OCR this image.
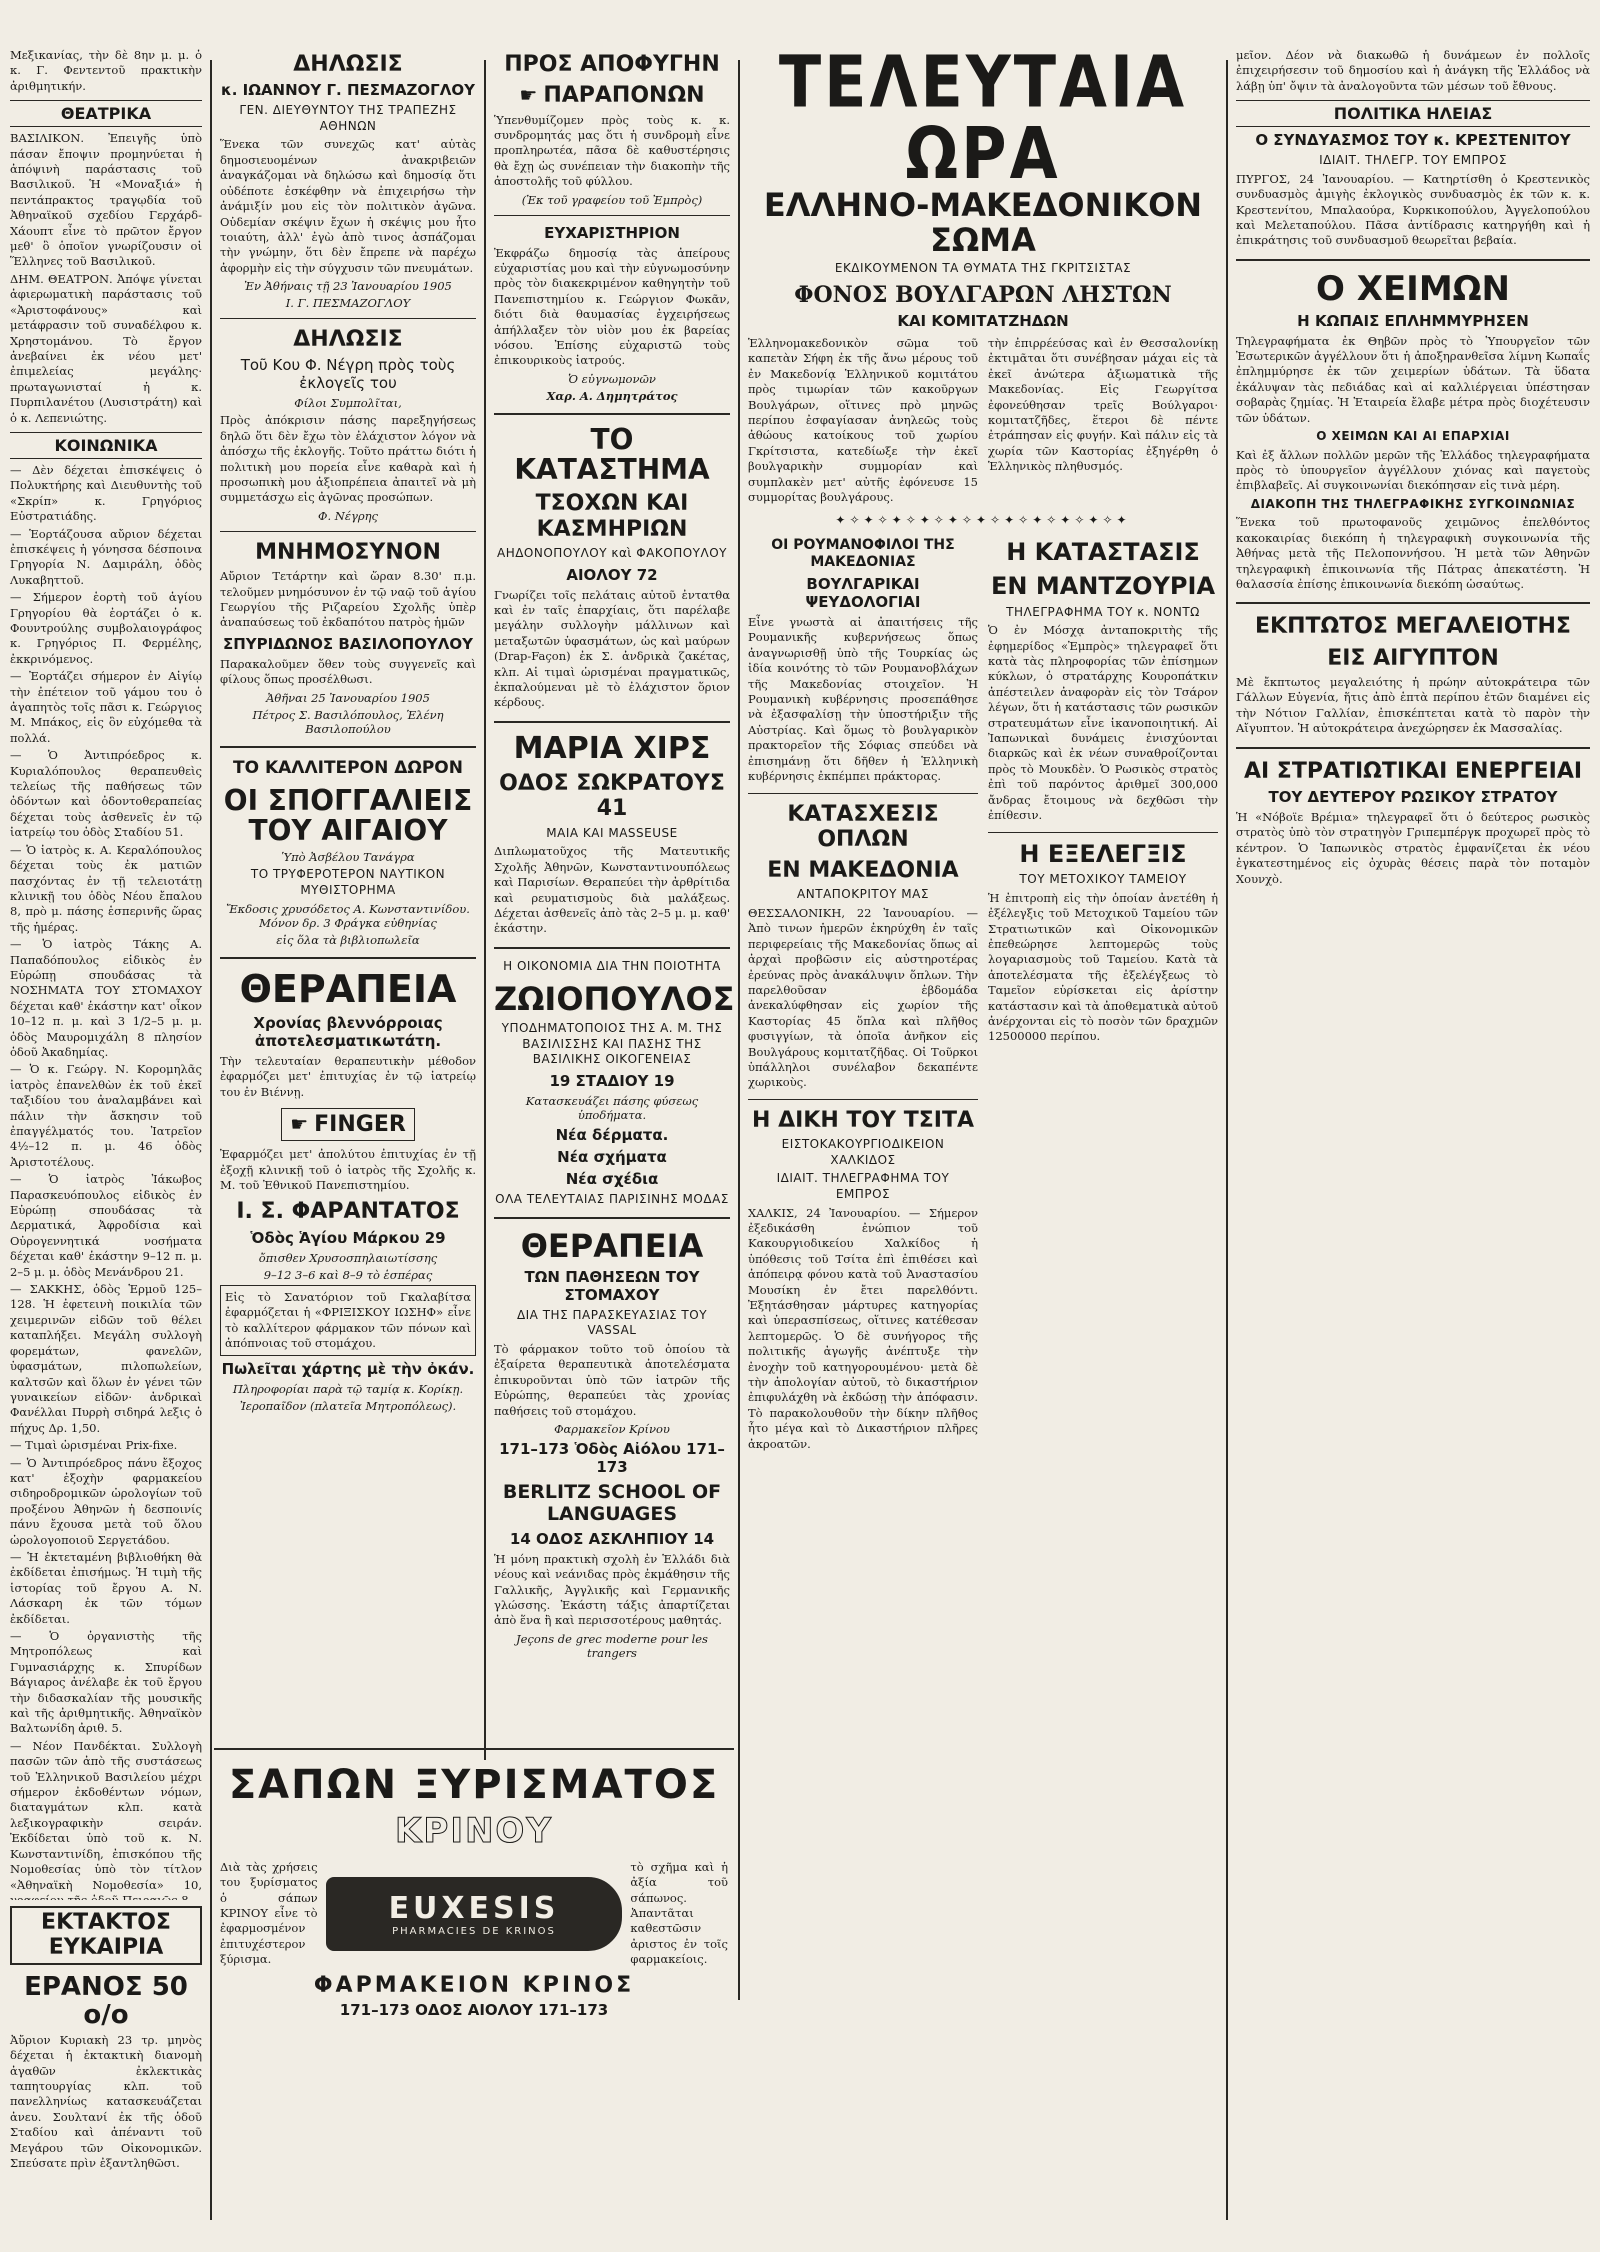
Μεξικανίας, τὴν δὲ 8ην μ. μ. ὁ κ. Γ. Φεντεντοῦ πρακτικὴν ἀριθμητικήν.

ΘΕΑΤΡΙΚΑ

ΒΑΣΙΛΙΚΟΝ. Ἐπειγῆς ὑπὸ πάσαν ἔποψιν προμηνύεται ἡ ἀπόψινὴ παράστασις τοῦ Βασιλικοῦ. Ἡ «Μοναξιά» ἡ πεντάπρακτος τραγῳδία τοῦ Ἀθηναϊκοῦ σχεδίου Γερχάρδ-Χάουπτ εἶνε τὸ πρῶτον ἔργον μεθ' ὃ ὁποῖον γνωρίζουσιν οἱ Ἕλληνες τοῦ Βασιλικοῦ.

ΔΗΜ. ΘΕΑΤΡΟΝ. Ἀπόψε γίνεται ἀφιερωματικὴ παράστασις τοῦ «Ἀριστοφάνους» καὶ μετάφρασιν τοῦ συναδέλφου κ. Χρηστομάνου. Τὸ ἔργον ἀνεβαίνει ἐκ νέου μετ' ἐπιμελείας μεγάλης· πρωταγωνισταί ἡ κ. Πυρπιλανέτου (Λυσιστράτη) καὶ ὁ κ. Λεπενιώτης.

ΚΟΙΝΩΝΙΚΑ

— Δὲν δέχεται ἐπισκέψεις ὁ Πολυκτήρης καὶ Διευθυντὴς τοῦ «Σκρίπ» κ. Γρηγόριος Εὐστρατιάδης.

— Ἑορτάζουσα αὔριον δέχεται ἐπισκέψεις ἡ γόνησσα δέσποινα Γρηγορία Ν. Δαμιράλη, ὁδὸς Λυκαβηττοῦ.

— Σήμερον ἑορτὴ τοῦ ἁγίου Γρηγορίου θὰ ἐορτάζει ὁ κ. Φουντρούλης συμβολαιογράφος κ. Γρηγόριος Π. Φερμέλης, ἐκκρινόμενος.

— Ἐορτάζει σήμερον ἐν Αἰγίῳ τὴν ἐπέτειον τοῦ γάμου του ὁ ἀγαπητὸς τοῖς πᾶσι κ. Γεώργιος Μ. Μπάκος, εἰς ὃν εὐχόμεθα τὰ πολλά.

— Ὁ Ἀντιπρόεδρος κ. Κυριαλόπουλος θεραπευθεὶς τελείως τῆς παθήσεως τῶν ὀδόντων καὶ ὀδοντοθεραπείας δέχεται τοὺς ἀσθενεῖς ἐν τῷ ἰατρείῳ του ὁδὸς Σταδίου 51.

— Ὁ ἰατρὸς κ. Α. Κεραλόπουλος δέχεται τοὺς ἐκ ματιῶν πασχόντας ἐν τῇ τελειοτάτῃ κλινικῇ του ὁδὸς Νέου ἔπαλου 8, πρὸ μ. πάσης ἑσπερινῆς ὥρας τῆς ἡμέρας.

— Ὁ ἰατρὸς Τάκης Α. Παπαδόπουλος εἰδικὸς ἐν Εὐρώπῃ σπουδάσας τὰ ΝΟΣΗΜΑΤΑ ΤΟΥ ΣΤΟΜΑΧΟΥ δέχεται καθ' ἑκάστην κατ' οἶκον 10–12 π. μ. καὶ 3 1/2–5 μ. μ. ὁδὸς Μαυρομιχάλη 8 πλησίον ὁδοῦ Ἀκαδημίας.

— Ὁ κ. Γεώργ. Ν. Κορομηλᾶς ἰατρὸς ἐπανελθὼν ἐκ τοῦ ἐκεῖ ταξιδίου του ἀναλαμβάνει καὶ πάλιν τὴν ἄσκησιν τοῦ ἐπαγγέλματός του. Ἰατρεῖον 4½–12 π. μ. 46 ὁδὸς Ἀριστοτέλους.

— Ὁ ἰατρὸς Ἰάκωβος Παρασκευόπουλος εἰδικὸς ἐν Εὐρώπῃ σπουδάσας τὰ Δερματικά, Ἀφροδίσια καὶ Οὐρογεννητικά νοσήματα δέχεται καθ' ἑκάστην 9–12 π. μ. 2–5 μ. μ. ὁδὸς Μενάνδρου 21.

— ΣΑΚΚΗΣ, ὁδὸς Ἑρμοῦ 125–128. Ἡ ἐφετεινὴ ποικιλία τῶν χειμερινῶν εἰδῶν τοῦ θέλει καταπλήξει. Μεγάλη συλλογὴ φορεμάτων, φανελῶν, ὑφασμάτων, πιλοπωλείων, καλτσῶν καὶ ὅλων ἐν γένει τῶν γυναικείων εἰδῶν· ἀνδρικαὶ Φανέλλαι Πυρρὴ σιδηρά λεξις ὁ πήχυς Δρ. 1,50.

— Τιμαὶ ὡρισμέναι Prix-fixe.

— Ὁ Ἀντιπρόεδρος πάνυ ἔξοχος κατ' ἐξοχὴν φαρμακείου σιδηροδρομικῶν ὡρολογίων τοῦ προξένου Ἀθηνῶν ἡ δεσποινίς πάνυ ἔχουσα μετὰ τοῦ ὅλου ὡρολογοποιοῦ Σεργετάδου.

— Ἡ ἐκτεταμένη βιβλιοθήκη θὰ ἐκδίδεται ἐπισήμως. Ἡ τιμὴ τῆς ἱστορίας τοῦ ἔργου Α. Ν. Λάσκαρη ἐκ τῶν τόμων ἐκδίδεται.

— Ὁ ὀργανιστὴς τῆς Μητροπόλεως καὶ Γυμνασιάρχης κ. Σπυρίδων Βάγιαρος ἀνέλαβε ἐκ τοῦ ἔργου τὴν διδασκαλίαν τῆς μουσικῆς καὶ τῆς ἀριθμητικῆς. Ἀθηναϊκὸν Βαλτωνίδη ἀριθ. 5.

— Νέον Πανδέκται. Συλλογὴ πασῶν τῶν ἀπὸ τῆς συστάσεως τοῦ Ἑλληνικοῦ Βασιλείου μέχρι σήμερον ἐκδοθέντων νόμων, διαταγμάτων κλπ. κατὰ λεξικογραφικὴν σειράν. Ἐκδίδεται ὑπὸ τοῦ κ. Ν. Κωνσταντινίδη, ἐπισκόπου τῆς Νομοθεσίας ὑπὸ τὸν τίτλον «Ἀθηναϊκὴ Νομοθεσία» 10,

ΕΚΤΑΚΤΟΣ ΕΥΚΑΙΡΙΑ
ΕΡΑΝΟΣ 50 ο/ο

Ἀὔριον Κυριακὴ 23 τρ. μηνὸς δέχεται ἡ ἐκτακτικὴ διανομὴ ἀγαθῶν ἐκλεκτικὰς ταπητουργίας κλπ. τοῦ πανελληνίως κατασκευάζεται ἀνευ. Σουλτανί ἐκ τῆς ὁδοῦ Σταδίου καὶ ἀπέναντι τοῦ Μεγάρου τῶν Οἰκονομικῶν. Σπεύσατε πρὶν ἐξαντληθῶσι.

ΔΗΛΩΣΙΣ
κ. ΙΩΑΝΝΟΥ Γ. ΠΕΣΜΑΖΟΓΛΟΥ
ΓΕΝ. ΔΙΕΥΘΥΝΤΟΥ ΤΗΣ ΤΡΑΠΕΖΗΣ ΑΘΗΝΩΝ

Ἕνεκα τῶν συνεχῶς κατ' αὐτὰς δημοσιευομένων ἀνακριβειῶν ἀναγκάζομαι νὰ δηλώσω καὶ δημοσίᾳ ὅτι οὐδέποτε ἐσκέφθην νὰ ἐπιχειρήσω τὴν ἀνάμιξίν μου εἰς τὸν πολιτικὸν ἀγῶνα. Οὐδεμίαν σκέψιν ἔχων ἡ σκέψις μου ἦτο τοιαύτη, ἀλλ' ἐγὼ ἀπὸ τινος ἀσπάζομαι τὴν γνώμην, ὅτι δὲν ἔπρεπε νὰ παρέχω ἀφορμὴν εἰς τὴν σύγχυσιν τῶν πνευμάτων.

Ἐν Ἀθήναις τῇ 23 Ἰανουαρίου 1905

Ι. Γ. ΠΕΣΜΑΖΟΓΛΟΥ

ΔΗΛΩΣΙΣ
Τοῦ Κου Φ. Νέγρη πρὸς τοὺς ἐκλογεῖς του

Φίλοι Συμπολῖται,

Πρὸς ἀπόκρισιν πάσης παρεξηγήσεως δηλῶ ὅτι δὲν ἔχω τὸν ἐλάχιστον λόγον νὰ ἀπόσχω τῆς ἐκλογῆς. Τοῦτο πράττω διότι ἡ πολιτικὴ μου πορεία εἶνε καθαρὰ καὶ ἡ προσωπικὴ μου ἀξιοπρέπεια ἀπαιτεῖ νὰ μὴ συμμετάσχω εἰς ἀγῶνας προσώπων.

Φ. Νέγρης

ΜΝΗΜΟΣΥΝΟΝ

Αὔριον Τετάρτην καὶ ὥραν 8.30' π.μ. τελοῦμεν μνημόσυνον ἐν τῷ ναῷ τοῦ ἁγίου Γεωργίου τῆς Ριζαρείου Σχολῆς ὑπὲρ ἀναπαύσεως τοῦ ἐκδαπότου πατρὸς ἡμῶν

ΣΠΥΡΙΔΩΝΟΣ ΒΑΣΙΛΟΠΟΥΛΟΥ

Παρακαλοῦμεν ὅθεν τοὺς συγγενεῖς καὶ φίλους ὅπως προσέλθωσι.

Ἀθῆναι 25 Ἰανουαρίου 1905

Πέτρος Σ. Βασιλόπουλος, Ἑλένη Βασιλοπούλου

ΤΟ ΚΑΛΛΙΤΕΡΟΝ ΔΩΡΟΝ
ΟΙ ΣΠΟΓΓΑΛΙΕΙΣ ΤΟΥ ΑΙΓΑΙΟΥ

Ὑπὸ Ἀσβέλου Τανάγρα

ΤΟ ΤΡΥΦΕΡΟΤΕΡΟΝ ΝΑΥΤΙΚΟΝ ΜΥΘΙΣΤΟΡΗΜΑ

Ἔκδοσις χρυσόδετος Α. Κωνσταντινίδου. Μόνον δρ. 3 Φράγκα εὐθηνίας

εἰς ὅλα τὰ βιβλιοπωλεῖα

ΘΕΡΑΠΕΙΑ
Χρονίας βλεννόρροιας ἀποτελεσματικωτάτη.

Τὴν τελευταίαν θεραπευτικὴν μέθοδον ἐφαρμόζει μετ' ἐπιτυχίας ἐν τῷ ἰατρείῳ του ἐν Βιέννῃ.

☛ FINGER

Ἐφαρμόζει μετ' ἀπολύτου ἐπιτυχίας ἐν τῇ ἐξοχῇ κλινικῇ τοῦ ὁ ἰατρὸς τῆς Σχολῆς κ. Μ. τοῦ Ἐθνικοῦ Πανεπιστημίου.

Ι. Σ. ΦΑΡΑΝΤΑΤΟΣ
Ὁδὸς Ἁγίου Μάρκου 29

ὄπισθεν Χρυσοσπηλαιωτίσσης

9–12 3–6 καὶ 8–9 τὸ ἑσπέρας

Εἰς τὸ Σανατόριον τοῦ Γκαλαβίτσα ἐφαρμόζεται ἡ «ΦΡΙΞΙΣΚΟΥ ΙΩΣΗΦ» εἶνε τὸ καλλίτερον φάρμακον τῶν πόνων καὶ ἀπόπνοιας τοῦ στομάχου.

Πωλεῖται χάρτης μὲ τὴν ὀκάν.

Πληροφορίαι παρὰ τῷ ταμίᾳ κ. Κορίκῃ.

Ἰεροπαῖδον (πλατεῖα Μητροπόλεως).

ΠΡΟΣ ΑΠΟΦΥΓΗΝ
☛ ΠΑΡΑΠΟΝΩΝ

Ὑπενθυμίζομεν πρὸς τοὺς κ. κ. συνδρομητάς μας ὅτι ἡ συνδρομὴ εἶνε προπληρωτέα, πᾶσα δὲ καθυστέρησις θὰ ἔχῃ ὡς συνέπειαν τὴν διακοπὴν τῆς ἀποστολῆς τοῦ φύλλου.

(Ἐκ τοῦ γραφείου τοῦ Ἐμπρὸς)

ΕΥΧΑΡΙΣΤΗΡΙΟΝ

Ἐκφράζω δημοσίᾳ τὰς ἀπείρους εὐχαριστίας μου καὶ τὴν εὐγνωμοσύνην πρὸς τὸν διακεκριμένον καθηγητὴν τοῦ Πανεπιστημίου κ. Γεώργιον Φωκᾶν, διότι διὰ θαυμασίας ἐγχειρήσεως ἀπήλλαξεν τὸν υἱὸν μου ἐκ βαρείας νόσου. Ἐπίσης εὐχαριστῶ τοὺς ἐπικουρικοὺς ἰατρούς.

Ὁ εὐγνωμονῶν

Χαρ. Α. Δημητράτος

ΤΟ ΚΑΤΑΣΤΗΜΑ
ΤΣΟΧΩΝ ΚΑΙ ΚΑΣΜΗΡΙΩΝ
ΑΗΔΟΝΟΠΟΥΛΟΥ καὶ ΦΑΚΟΠΟΥΛΟΥ
ΑΙΟΛΟΥ 72

Γνωρίζει τοῖς πελάταις αὐτοῦ ἐντατθα καὶ ἐν ταῖς ἐπαρχίαις, ὅτι παρέλαβε μεγάλην συλλογὴν μάλλινων καὶ μεταξωτῶν ὑφασμάτων, ὡς καὶ μαύρων (Drap-Façon) ἐκ Σ. ἀνδρικὰ ζακέτας, κλπ. Αἱ τιμαὶ ὡρισμέναι πραγματικῶς, ἐκπαλούμεναι μὲ τὸ ἐλάχιστον ὅριον κέρδους.

ΜΑΡΙΑ ΧΙΡΣ
ΟΔΟΣ ΣΩΚΡΑΤΟΥΣ 41
ΜΑΙΑ ΚΑΙ MASSEUSE

Διπλωματοῦχος τῆς Ματευτικῆς Σχολῆς Ἀθηνῶν, Κωνσταντινουπόλεως καὶ Παρισίων. Θεραπεύει τὴν ἀρθρίτιδα καὶ ρευματισμοὺς διὰ μαλάξεως. Δέχεται ἀσθενεῖς ἀπὸ τὰς 2–5 μ. μ. καθ' ἑκάστην.

Η ΟΙΚΟΝΟΜΙΑ ΔΙΑ ΤΗΝ ΠΟΙΟΤΗΤΑ
ΖΩΙΟΠΟΥΛΟΣ
ΥΠΟΔΗΜΑΤΟΠΟΙΟΣ ΤΗΣ Α. Μ. ΤΗΣ ΒΑΣΙΛΙΣΣΗΣ ΚΑΙ ΠΑΣΗΣ ΤΗΣ ΒΑΣΙΛΙΚΗΣ ΟΙΚΟΓΕΝΕΙΑΣ
19 ΣΤΑΔΙΟΥ 19

Κατασκευάζει πάσης φύσεως ὑποδήματα.

Νέα δέρματα.
Νέα σχήματα
Νέα σχέδια
ΟΛΑ ΤΕΛΕΥΤΑΙΑΣ ΠΑΡΙΣΙΝΗΣ ΜΟΔΑΣ
ΘΕΡΑΠΕΙΑ
ΤΩΝ ΠΑΘΗΣΕΩΝ ΤΟΥ ΣΤΟΜΑΧΟΥ
ΔΙΑ ΤΗΣ ΠΑΡΑΣΚΕΥΑΣΙΑΣ ΤΟΥ VASSAL

Τὸ φάρμακον τοῦτο τοῦ ὁποίου τὰ ἐξαίρετα θεραπευτικὰ ἀποτελέσματα ἐπικυροῦνται ὑπὸ τῶν ἰατρῶν τῆς Εὐρώπης, θεραπεύει τὰς χρονίας παθήσεις τοῦ στομάχου.

Φαρμακεῖον Κρίνου

171–173 Ὁδὸς Αἰόλου 171–173
BERLITZ SCHOOL OF LANGUAGES
14 ΟΔΟΣ ΑΣΚΛΗΠΙΟΥ 14

Ἡ μόνη πρακτικὴ σχολὴ ἐν Ἑλλάδι διὰ νέους καὶ νεάνιδας πρὸς ἐκμάθησιν τῆς Γαλλικῆς, Ἀγγλικῆς καὶ Γερμανικῆς γλώσσης. Ἑκάστη τάξις ἀπαρτίζεται ἀπὸ ἕνα ἢ καὶ περισσοτέρους μαθητάς.

Jeçons de grec moderne pour les trangers

ΤΕΛΕΥΤΑΙΑ ΩΡΑ
ΕΛΛΗΝΟ-ΜΑΚΕΔΟΝΙΚΟΝ ΣΩΜΑ
ΕΚΔΙΚΟΥΜΕΝΟΝ ΤΑ ΘΥΜΑΤΑ ΤΗΣ ΓΚΡΙΤΣΙΣΤΑΣ
ΦΟΝΟΣ ΒΟΥΛΓΑΡΩΝ ΛΗΣΤΩΝ
ΚΑΙ ΚΟΜΙΤΑΤΖΗΔΩΝ

Ἑλληνομακεδονικὸν σῶμα τοῦ καπετὰν Σήφη ἐκ τῆς ἄνω μέρους τοῦ ἐν Μακεδονίᾳ Ἑλληνικοῦ κομιτάτου πρὸς τιμωρίαν τῶν κακοῦργων Βουλγάρων, οἵτινες πρὸ μηνῶς περίπου ἐσφαγίασαν ἀνηλεῶς τοὺς ἀθώους κατοίκους τοῦ χωρίου Γκρίτσιστα, κατεδίωξε τὴν ἐκεῖ βουλγαρικὴν συμμορίαν καὶ συμπλακὲν μετ' αὐτῆς ἐφόνευσε 15 συμμορίτας βουλγάρους.

τὴν ἐπιρρέεύσας καὶ ἐν Θεσσαλονίκῃ ἐκτιμᾶται ὅτι συνέβησαν μάχαι εἰς τὰ ἐκεῖ ἀνώτερα ἀξιωματικὰ τῆς Μακεδονίας. Εἰς Γεωργίτσα ἐφονεύθησαν τρεῖς Βούλγαροι· κομιτατζῆδες, ἕτεροι δὲ πέντε ἐτράπησαν εἰς φυγήν. Καὶ πάλιν εἰς τὰ χωρία τῶν Καστορίας ἐξηγέρθη ὁ Ἑλληνικὸς πληθυσμός.

✦✧✦✧✦✧✦✧✦✧✦✧✦✧✦✧✦✧✦✧✦
ΟΙ ΡΟΥΜΑΝΟΦΙΛΟΙ ΤΗΣ ΜΑΚΕΔΟΝΙΑΣ
ΒΟΥΛΓΑΡΙΚΑΙ ΨΕΥΔΟΛΟΓΙΑΙ

Εἶνε γνωστὰ αἱ ἀπαιτήσεις τῆς Ρουμανικῆς κυβερνήσεως ὅπως ἀναγνωρισθῇ ὑπὸ τῆς Τουρκίας ὡς ἰδία κοινότης τὸ τῶν Ρουμανοβλάχων τῆς Μακεδονίας στοιχεῖον. Ἡ Ρουμανικὴ κυβέρνησις προσεπάθησε νὰ ἐξασφαλίσῃ τὴν ὑποστήριξιν τῆς Αὐστρίας. Καὶ ὅμως τὸ βουλγαρικὸν πρακτορεῖον τῆς Σόφιας σπεύδει νὰ ἐπισημάνῃ ὅτι δῆθεν ἡ Ἑλληνικὴ κυβέρνησις ἐκπέμπει πράκτορας.

ΚΑΤΑΣΧΕΣΙΣ ΟΠΛΩΝ
ΕΝ ΜΑΚΕΔΟΝΙΑ
ΑΝΤΑΠΟΚΡΙΤΟΥ ΜΑΣ

ΘΕΣΣΑΛΟΝΙΚΗ, 22 Ἰανουαρίου. — Ἀπὸ τινων ἡμερῶν ἐκηρύχθη ἐν ταῖς περιφερείαις τῆς Μακεδονίας ὅπως αἱ ἀρχαὶ προβῶσιν εἰς αὐστηροτέρας ἐρεύνας πρὸς ἀνακάλυψιν ὅπλων. Τὴν παρελθοῦσαν ἑβδομάδα ἀνεκαλύφθησαν εἰς χωρίον τῆς Καστορίας 45 ὅπλα καὶ πλῆθος φυσιγγίων, τὰ ὁποῖα ἀνῆκον εἰς Βουλγάρους κομιτατζῆδας. Οἱ Τοῦρκοι ὑπάλληλοι συνέλαβον δεκαπέντε χωρικοὺς.

Η ΔΙΚΗ ΤΟΥ ΤΣΙΤΑ
ΕΙΣΤΟΚΑΚΟΥΡΓΙΟΔΙΚΕΙΟΝ ΧΑΛΚΙΔΟΣ
ΙΔΙΑΙΤ. ΤΗΛΕΓΡΑΦΗΜΑ ΤΟΥ ΕΜΠΡΟΣ

ΧΑΛΚΙΣ, 24 Ἰανουαρίου. — Σήμερον ἐξεδικάσθη ἐνώπιον τοῦ Κακουργιοδικείου Χαλκίδος ἡ ὑπόθεσις τοῦ Τσίτα ἐπὶ ἐπιθέσει καὶ ἀπόπειρᾳ φόνου κατὰ τοῦ Ἀναστασίου Μουσίκη ἐν ἔτει παρελθόντι. Ἐξητάσθησαν μάρτυρες κατηγορίας καὶ ὑπερασπίσεως, οἵτινες κατέθεσαν λεπτομερῶς. Ὁ δὲ συνήγορος τῆς πολιτικῆς ἀγωγῆς ἀνέπτυξε τὴν ἐνοχὴν τοῦ κατηγορουμένου· μετὰ δὲ τὴν ἀπολογίαν αὐτοῦ, τὸ δικαστήριον ἐπιφυλάχθη νὰ ἐκδώσῃ τὴν ἀπόφασιν. Τὸ παρακολουθοῦν τὴν δίκην πλῆθος ἦτο μέγα καὶ τὸ Δικαστήριον πλῆρες ἀκροατῶν.

Η ΚΑΤΑΣΤΑΣΙΣ
ΕΝ ΜΑΝΤΖΟΥΡΙΑ
ΤΗΛΕΓΡΑΦΗΜΑ ΤΟΥ κ. ΝΟΝΤΩ

Ὁ ἐν Μόσχᾳ ἀνταποκριτὴς τῆς ἐφημερίδος «Ἐμπρὸς» τηλεγραφεῖ ὅτι κατὰ τὰς πληροφορίας τῶν ἐπίσημων κύκλων, ὁ στρατάρχης Κουροπάτκιν ἀπέστειλεν ἀναφορὰν εἰς τὸν Τσάρον λέγων, ὅτι ἡ κατάστασις τῶν ρωσικῶν στρατευμάτων εἶνε ἱκανοποιητική. Αἱ Ἰαπωνικαὶ δυνάμεις ἐνισχύονται διαρκῶς καὶ ἐκ νέων συναθροίζονται πρὸς τὸ Μουκδὲν. Ὁ Ρωσικὸς στρατὸς ἐπὶ τοῦ παρόντος ἀριθμεῖ 300,000 ἄνδρας ἔτοιμους νὰ δεχθῶσι τὴν ἐπίθεσιν.

Η ΕΞΕΛΕΓΞΙΣ
ΤΟΥ ΜΕΤΟΧΙΚΟΥ ΤΑΜΕΙΟΥ

Ἡ ἐπιτροπὴ εἰς τὴν ὁποίαν ἀνετέθη ἡ ἐξέλεγξις τοῦ Μετοχικοῦ Ταμείου τῶν Στρατιωτικῶν καὶ Οἰκονομικῶν ἐπεθεώρησε λεπτομερῶς τοὺς λογαριασμοὺς τοῦ Ταμείου. Κατὰ τὰ ἀποτελέσματα τῆς ἐξελέγξεως τὸ Ταμεῖον εὑρίσκεται εἰς ἀρίστην κατάστασιν καὶ τὰ ἀποθεματικὰ αὐτοῦ ἀνέρχονται εἰς τὸ ποσὸν τῶν δραχμῶν 12500000 περίπου.

μεῖον. Δέον νὰ διακωθῶ ἡ δυνάμεων ἐν πολλοῖς ἐπιχειρήσεσιν τοῦ δημοσίου καὶ ἡ ἀνάγκη τῆς Ἑλλάδος νὰ λάβῃ ὑπ' ὄψιν τὰ ἀναλογοῦντα τῶν μέσων τοῦ ἔθνους.

ΠΟΛΙΤΙΚΑ ΗΛΕΙΑΣ
Ο ΣΥΝΔΥΑΣΜΟΣ ΤΟΥ κ. ΚΡΕΣΤΕΝΙΤΟΥ
ΙΔΙΑΙΤ. ΤΗΛΕΓΡ. ΤΟΥ ΕΜΠΡΟΣ

ΠΥΡΓΟΣ, 24 Ἰανουαρίου. — Κατηρτίσθη ὁ Κρεστενικὸς συνδυασμὸς ἀμιγὴς ἐκλογικὸς συνδυασμὸς ἐκ τῶν κ. κ. Κρεστενίτου, Μπαλαούρα, Κυρκικοπούλου, Ἀγγελοπούλου καὶ Μελεταπούλου. Πᾶσα ἀντίδρασις κατηργήθη καὶ ἡ ἐπικράτησις τοῦ συνδυασμοῦ θεωρεῖται βεβαία.

Ο ΧΕΙΜΩΝ
Η ΚΩΠΑΙΣ ΕΠΛΗΜΜΥΡΗΣΕΝ

Τηλεγραφήματα ἐκ Θηβῶν πρὸς τὸ Ὑπουργεῖον τῶν Ἐσωτερικῶν ἀγγέλλουν ὅτι ἡ ἀποξηρανθεῖσα λίμνη Κωπαΐς ἐπλημμύρησε ἐκ τῶν χειμερίων ὑδάτων. Τὰ ὕδατα ἐκάλυψαν τὰς πεδιάδας καὶ αἱ καλλιέργειαι ὑπέστησαν σοβαρὰς ζημίας. Ἡ Ἑταιρεία ἔλαβε μέτρα πρὸς διοχέτευσιν τῶν ὑδάτων.

Ο ΧΕΙΜΩΝ ΚΑΙ ΑΙ ΕΠΑΡΧΙΑΙ

Καὶ ἐξ ἄλλων πολλῶν μερῶν τῆς Ἑλλάδος τηλεγραφήματα πρὸς τὸ ὑπουργεῖον ἀγγέλλουν χιόνας καὶ παγετοὺς ἐπιβλαβεῖς. Αἱ συγκοινωνίαι διεκόπησαν εἰς τινὰ μέρη.

ΔΙΑΚΟΠΗ ΤΗΣ ΤΗΛΕΓΡΑΦΙΚΗΣ ΣΥΓΚΟΙΝΩΝΙΑΣ

Ἕνεκα τοῦ πρωτοφανοῦς χειμῶνος ἐπελθόντος κακοκαιρίας διεκόπη ἡ τηλεγραφικὴ συγκοινωνία τῆς Ἀθήνας μετὰ τῆς Πελοποννήσου. Ἡ μετὰ τῶν Ἀθηνῶν τηλεγραφικὴ ἐπικοινωνία τῆς Πάτρας ἀπεκατέστη. Ἡ θαλασσία ἐπίσης ἐπικοινωνία διεκόπη ὡσαύτως.

ΕΚΠΤΩΤΟΣ ΜΕΓΑΛΕΙΟΤΗΣ
ΕΙΣ ΑΙΓΥΠΤΟΝ

Μὲ ἔκπτωτος μεγαλειότης ἡ πρώην αὐτοκράτειρα τῶν Γάλλων Εὐγενία, ἥτις ἀπὸ ἑπτὰ περίπου ἐτῶν διαμένει εἰς τὴν Νότιον Γαλλίαν, ἐπισκέπτεται κατὰ τὸ παρὸν τὴν Αἴγυπτον. Ἡ αὐτοκράτειρα ἀνεχώρησεν ἐκ Μασσαλίας.

ΑΙ ΣΤΡΑΤΙΩΤΙΚΑΙ ΕΝΕΡΓΕΙΑΙ
ΤΟΥ ΔΕΥΤΕΡΟΥ ΡΩΣΙΚΟΥ ΣΤΡΑΤΟΥ

Ἡ «Νόβοϊε Βρέμια» τηλεγραφεῖ ὅτι ὁ δεύτερος ρωσικὸς στρατὸς ὑπὸ τὸν στρατηγὸν Γριπεμπέργκ προχωρεῖ πρὸς τὸ κέντρον. Ὁ Ἰαπωνικὸς στρατὸς ἐμφανίζεται ἐκ νέου ἐγκατεστημένος εἰς ὀχυρὰς θέσεις παρὰ τὸν ποταμὸν Χουνχὸ.

ΣΑΠΩΝ ΞΥΡΙΣΜΑΤΟΣ
ΚΡΙΝΟΥ

Διὰ τὰς χρήσεις του ξυρίσματος ὁ σάπων ΚΡΙΝΟΥ εἶνε τὸ ἐφαρμοσμένον ἐπιτυχέστερον ξύρισμα.

EUXESIS
PHARMACIES DE KRINOS

τὸ σχῆμα καὶ ἡ ἀξία τοῦ σάπωνος. Ἀπαντᾶται καθεστῶσιν ἀριστος ἐν τοῖς φαρμακείοις.

ΦΑΡΜΑΚΕΙΟΝ ΚΡΙΝΟΣ
171–173 ΟΔΟΣ ΑΙΟΛΟΥ 171–173
